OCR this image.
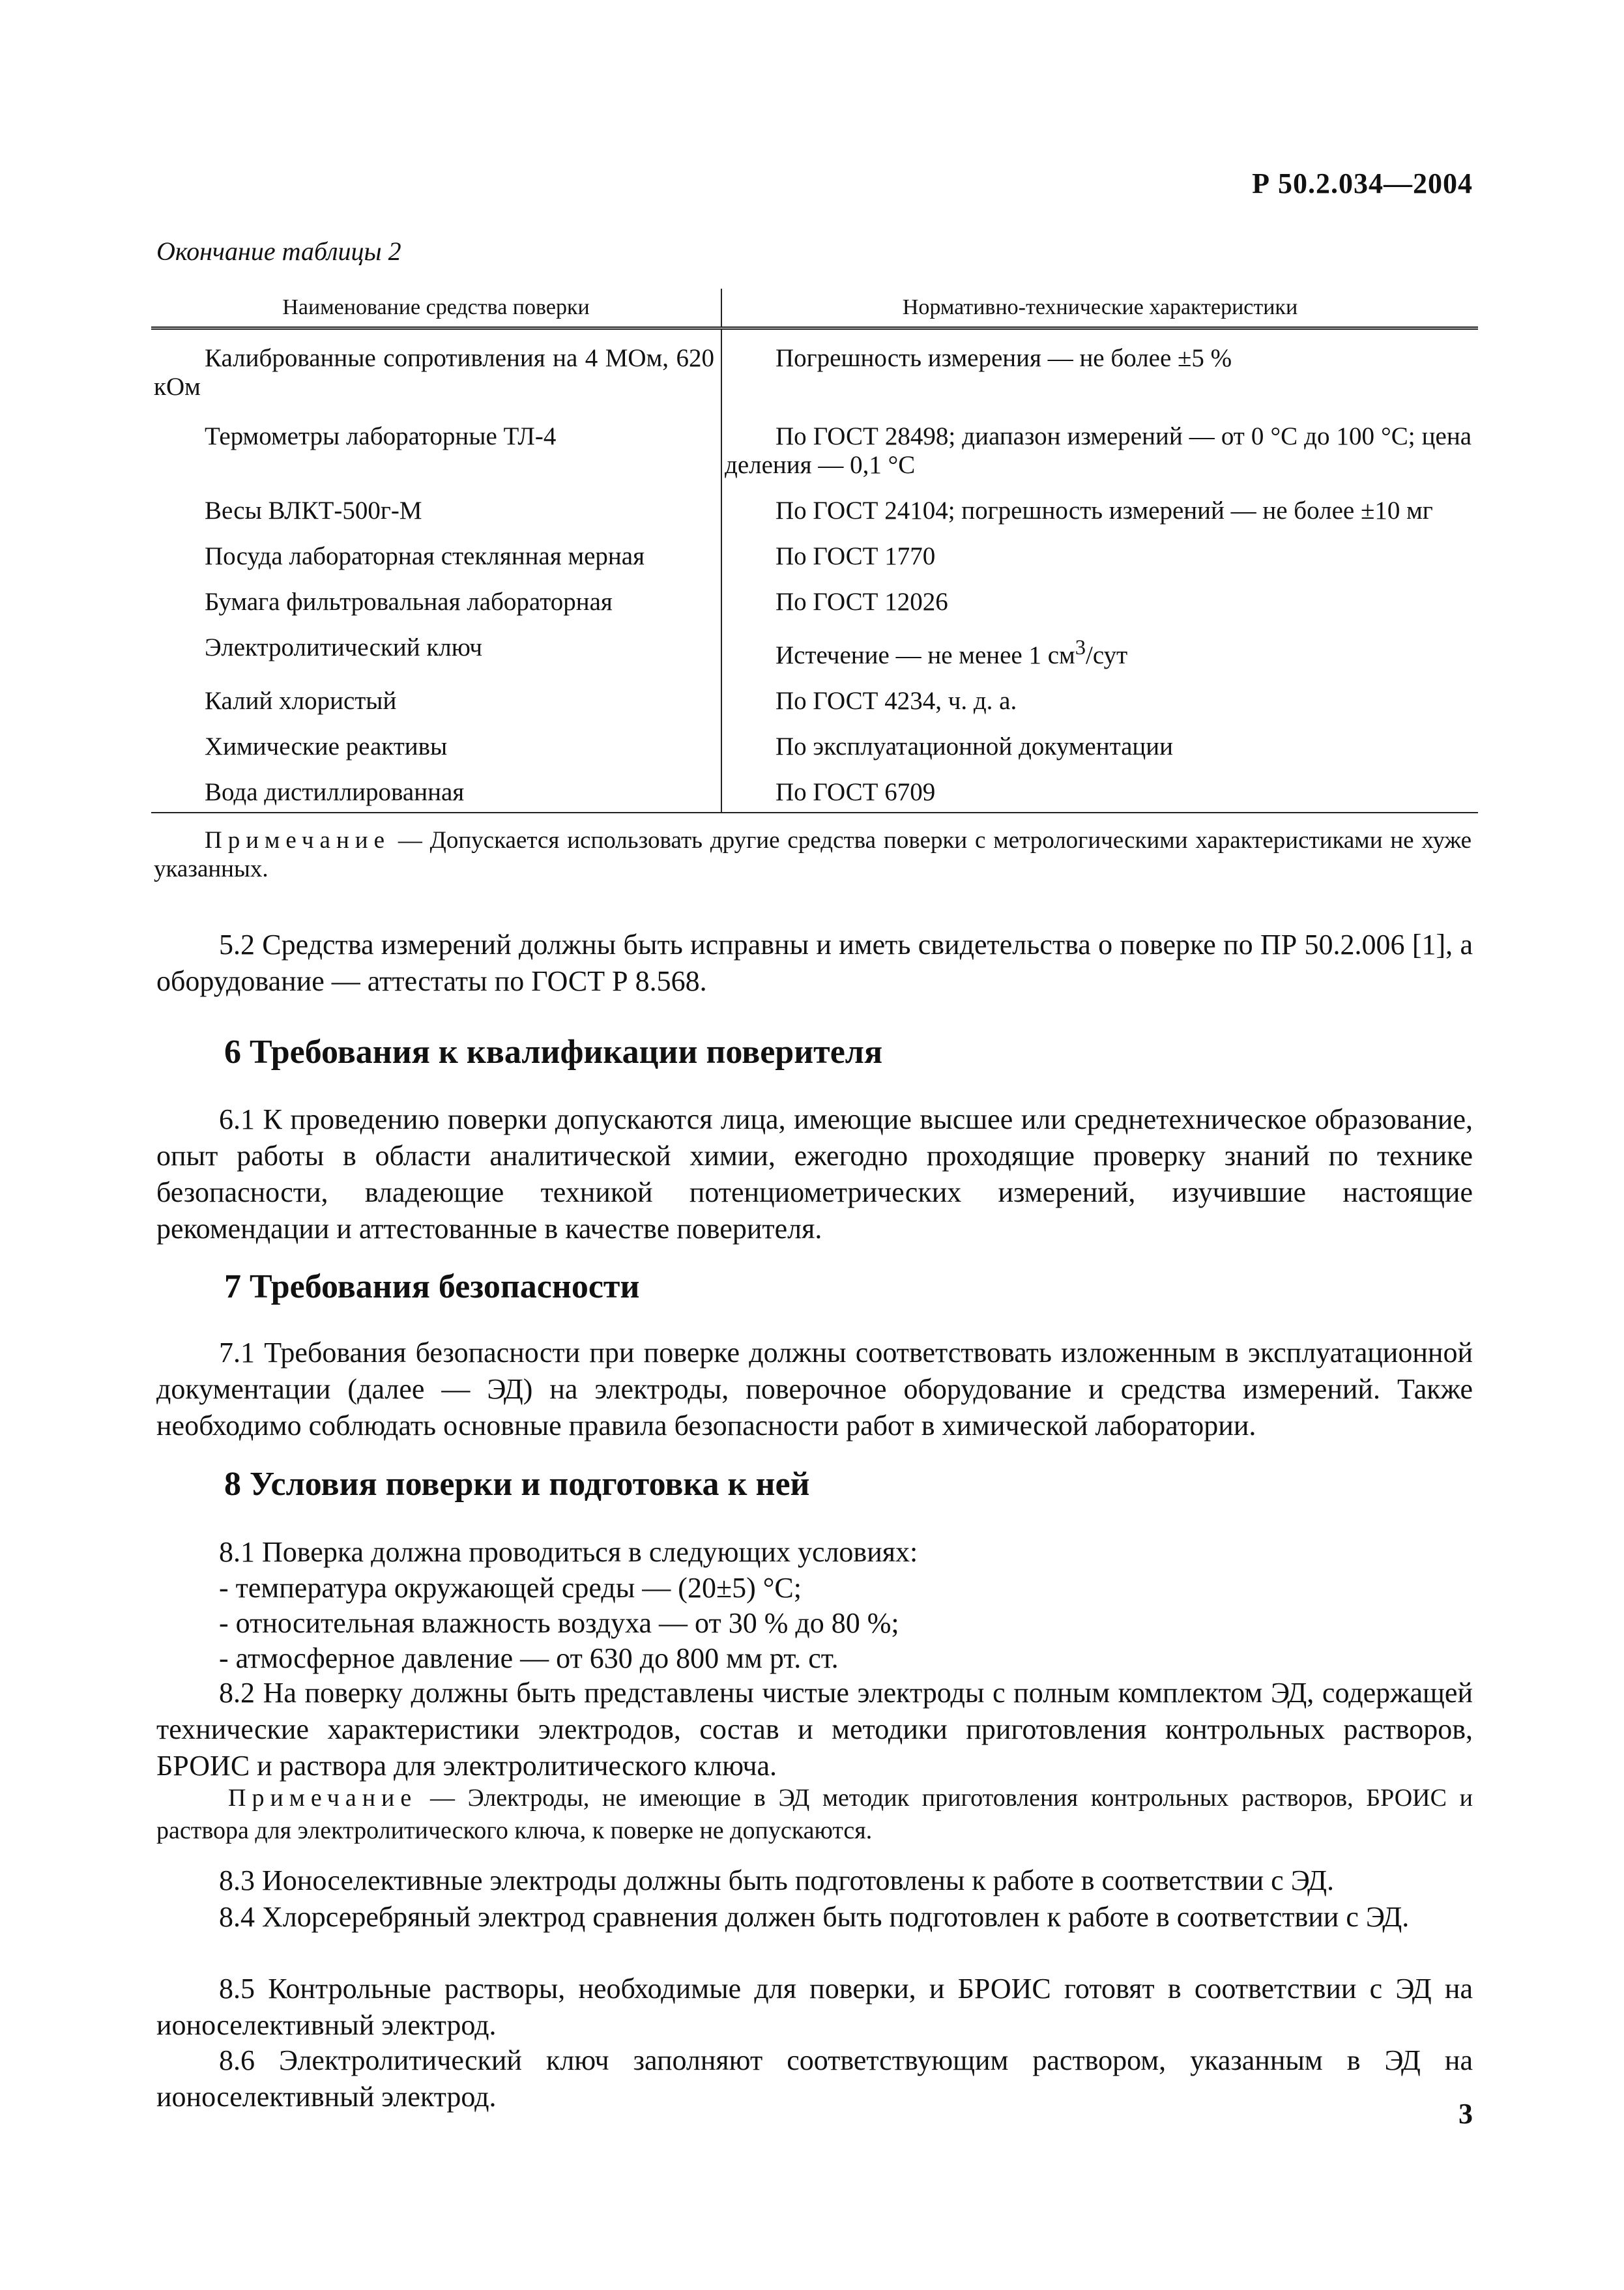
Р 50.2.034—2004
Окончание таблицы 2
Наименование средства поверки	Нормативно-технические характеристики

Калиброванные сопротивления на 4 МОм, 620 кОм	Погрешность измерения — не более ±5 %

Термометры лабораторные ТЛ-4	По ГОСТ 28498; диапазон измерений — от 0 °С до 100 °С; цена деления — 0,1 °С

Весы ВЛКТ-500г-М	По ГОСТ 24104; погрешность измерений — не более ±10 мг

Посуда лабораторная стеклянная мерная	По ГОСТ 1770

Бумага фильтровальная лабораторная	По ГОСТ 12026

Электролитический ключ	Истечение — не менее 1 $см^3$/сут

Калий хлористый	По ГОСТ 4234, ч. д. а.

Химические реактивы	По эксплуатационной документации

Вода дистиллированная	По ГОСТ 6709

Примечание — Допускается использовать другие средства поверки с метрологическими характеристиками не хуже указанных.	

5.2 Средства измерений должны быть исправны и иметь свидетельства о поверке по ПР 50.2.006 [1], а оборудование — аттестаты по ГОСТ Р 8.568.

6 Требования к квалификации поверителя

6.1 К проведению поверки допускаются лица, имеющие высшее или среднетехническое образование, опыт работы в области аналитической химии, ежегодно проходящие проверку знаний по технике безопасности, владеющие техникой потенциометрических измерений, изучившие настоящие рекомендации и аттестованные в качестве поверителя.

7 Требования безопасности

7.1 Требования безопасности при поверке должны соответствовать изложенным в эксплуатационной документации (далее — ЭД) на электроды, поверочное оборудование и средства измерений. Также необходимо соблюдать основные правила безопасности работ в химической лаборатории.

8 Условия поверки и подготовка к ней

8.1 Поверка должна проводиться в следующих условиях:

- температура окружающей среды — (20±5) °С;
- относительная влажность воздуха — от 30 % до 80 %;
- атмосферное давление — от 630 до 800 мм рт. ст.

8.2 На поверку должны быть представлены чистые электроды с полным комплектом ЭД, содержащей технические характеристики электродов, состав и методики приготовления контрольных растворов, БРОИС и раствора для электролитического ключа.

Примечание — Электроды, не имеющие в ЭД методик приготовления контрольных растворов, БРОИС и раствора для электролитического ключа, к поверке не допускаются.

8.3 Ионоселективные электроды должны быть подготовлены к работе в соответствии с ЭД.

8.4 Хлорсеребряный электрод сравнения должен быть подготовлен к работе в соответствии с ЭД.

8.5 Контрольные растворы, необходимые для поверки, и БРОИС готовят в соответствии с ЭД на ионоселективный электрод.

8.6 Электролитический ключ заполняют соответствующим раствором, указанным в ЭД на ионоселективный электрод.

3
